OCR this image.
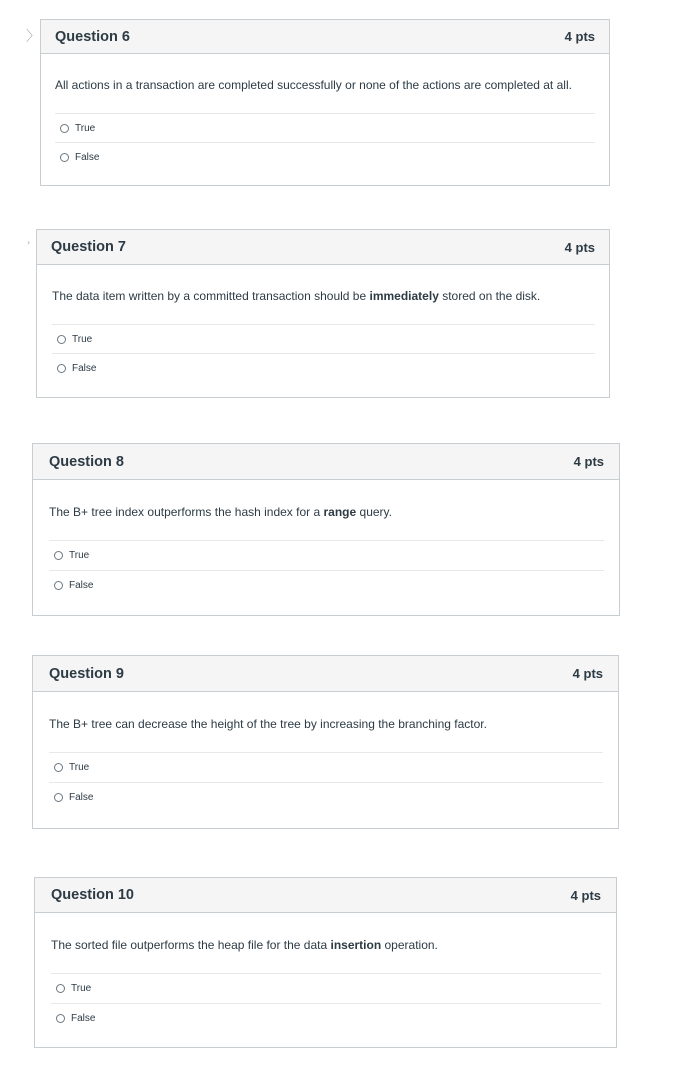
〉
›
Question 6	4 pts

All actions in a transaction are completed successfully or none of the actions are completed at all.

True
False
Question 7	4 pts

The data item written by a committed transaction should be immediately stored on the disk.

True
False
Question 8	4 pts

The B+ tree index outperforms the hash index for a range query.

True
False
Question 9	4 pts

The B+ tree can decrease the height of the tree by increasing the branching factor.

True
False
Question 10	4 pts

The sorted file outperforms the heap file for the data insertion operation.

True
False
